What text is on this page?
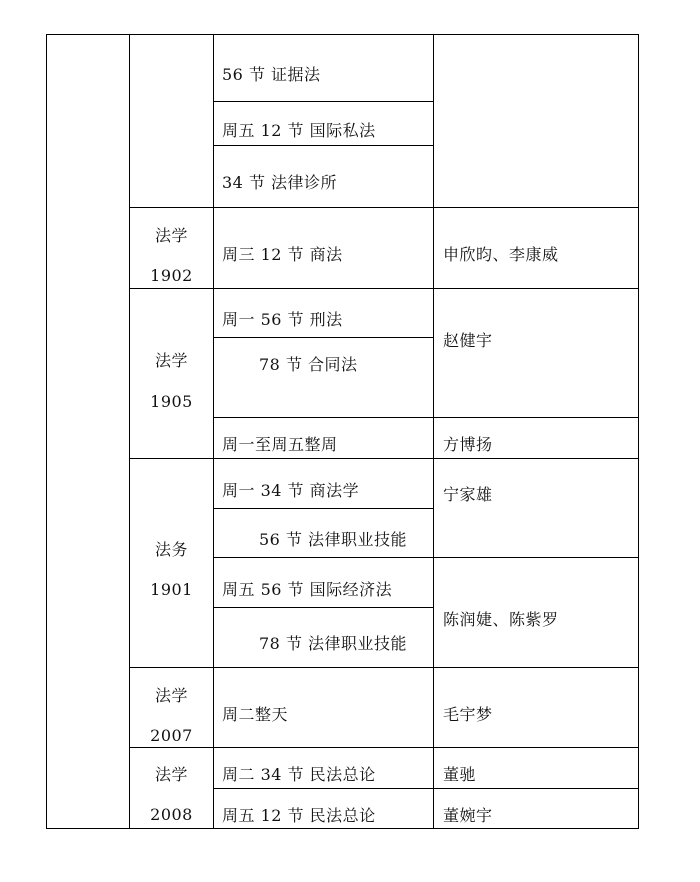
56 节 证据法
周五 12 节 国际私法
34 节 法律诊所
法学
1902
周三 12 节 商法	申欣昀、李康威
法学
1905
周一 56 节 刑法
78 节 合同法
周一至周五整周
赵健宇
方博扬
法务
1901
周一 34 节 商法学
56 节 法律职业技能
周五 56 节 国际经济法
78 节 法律职业技能
宁家雄
陈润婕、陈紫罗
法学
2007
周二整天	毛宇梦
法学
2008
周二 34 节 民法总论
周五 12 节 民法总论
董驰
董婉宇
